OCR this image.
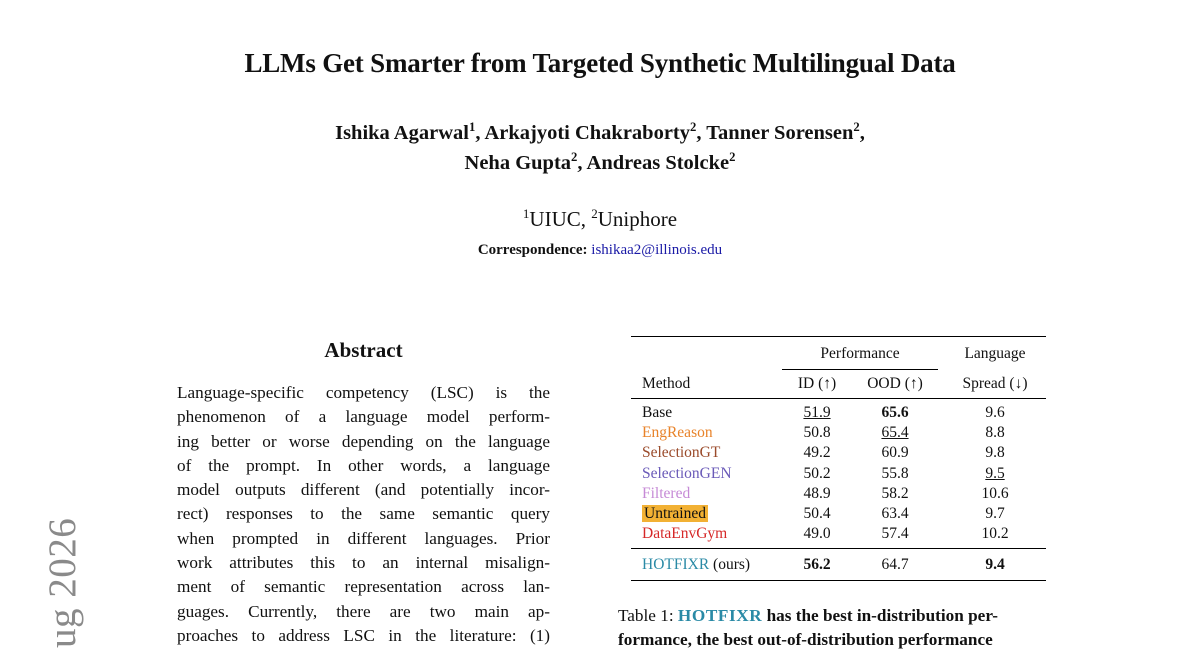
LLMs Get Smarter from Targeted Synthetic Multilingual Data
Ishika Agarwal$^1$, Arkajyoti Chakraborty$^2$, Tanner Sorensen$^2$,
Neha Gupta$^2$, Andreas Stolcke$^2$
$^1$UIUC, $^2$Uniphore
Correspondence: ishikaa2@illinois.edu
Abstract
Language-specific competency (LSC) is the
phenomenon of a language model perform-
ing better or worse depending on the language
of the prompt. In other words, a language
model outputs different (and potentially incor-
rect) responses to the same semantic query
when prompted in different languages. Prior
work attributes this to an internal misalign-
ment of semantic representation across lan-
guages. Currently, there are two main ap-
proaches to address LSC in the literature: (1)
ug 2026
	Performance		Language
Method	ID (↑)	OOD (↑)	Spread (↓)
Base	51.9	65.6	9.6
EngReason	50.8	65.4	8.8
SelectionGT	49.2	60.9	9.8
SelectionGEN	50.2	55.8	9.5
Filtered	48.9	58.2	10.6
Untrained	50.4	63.4	9.7
DataEnvGym	49.0	57.4	10.2
HOTFIXR (ours)	56.2	64.7	9.4
Table 1: HOTFIXR has the best in-distribution per-
formance, the best out-of-distribution performance
